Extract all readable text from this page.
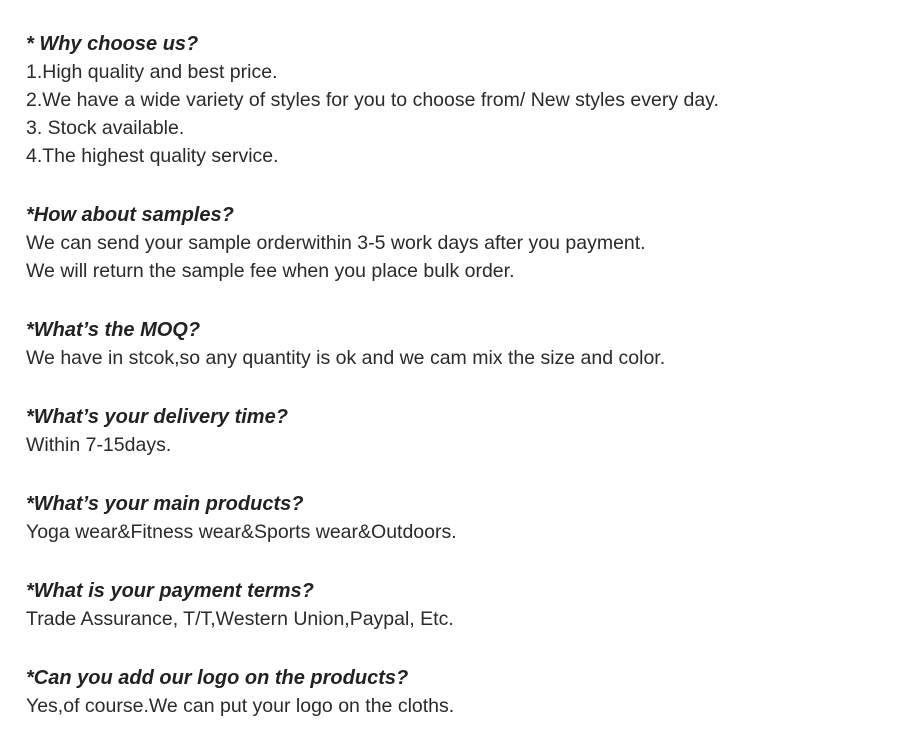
* Why choose us?

1.High quality and best price.

2.We have a wide variety of styles for you to choose from/ New styles every day.

3. Stock available.

4.The highest quality service.

*How about samples?

We can send your sample orderwithin 3-5 work days after you payment.

We will return the sample fee when you place bulk order.

*What’s the MOQ?

We have in stcok,so any quantity is ok and we cam mix the size and color.

*What’s your delivery time?

Within 7-15days.

*What’s your main products?

Yoga wear&Fitness wear&Sports wear&Outdoors.

*What is your payment terms?

Trade Assurance, T/T,Western Union,Paypal, Etc.

*Can you add our logo on the products?

Yes,of course.We can put your logo on the cloths.
